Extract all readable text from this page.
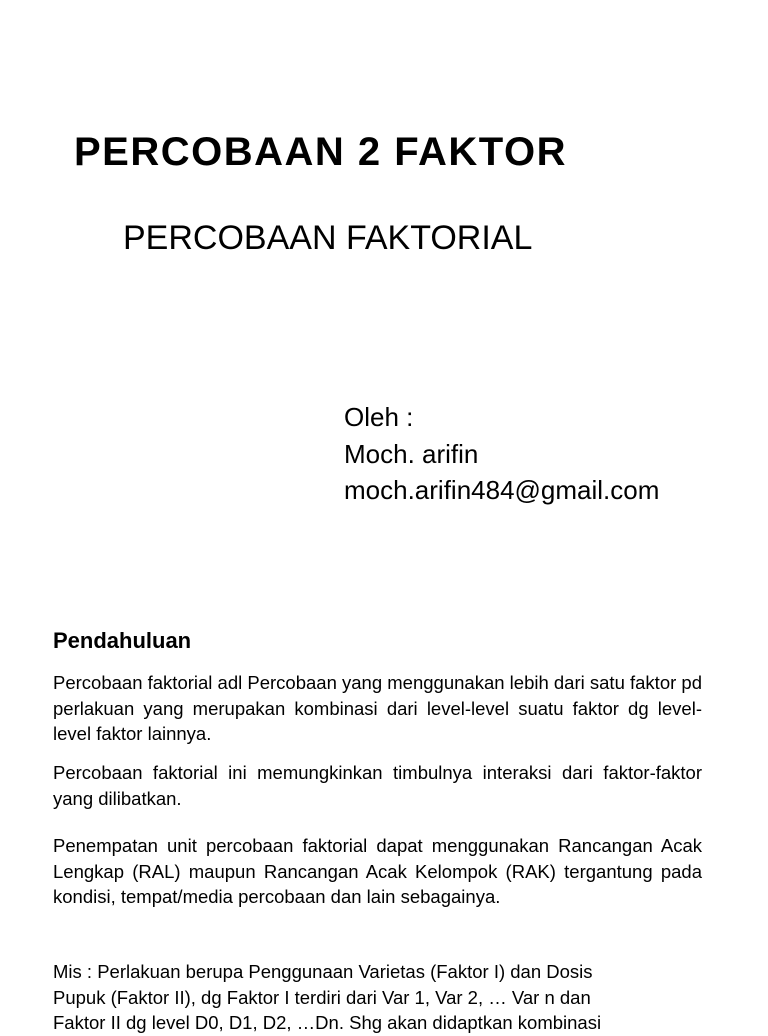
PERCOBAAN 2 FAKTOR
PERCOBAAN FAKTORIAL
Oleh :
Moch. arifin
moch.arifin484@gmail.com
Pendahuluan

Percobaan faktorial adl Percobaan yang menggunakan lebih dari satu faktor pd perlakuan yang merupakan kombinasi dari level-level suatu faktor dg level-level faktor lainnya.

Percobaan faktorial ini memungkinkan timbulnya interaksi dari faktor-faktor yang dilibatkan.

Penempatan unit percobaan faktorial dapat menggunakan Rancangan Acak Lengkap (RAL) maupun Rancangan Acak Kelompok (RAK) tergantung pada kondisi, tempat/media percobaan dan lain sebagainya.

Mis : Perlakuan berupa Penggunaan Varietas (Faktor I) dan Dosis
Pupuk (Faktor II), dg Faktor I terdiri dari Var 1, Var 2, … Var n dan
Faktor II dg level D0, D1, D2, …Dn. Shg akan didaptkan kombinasi
